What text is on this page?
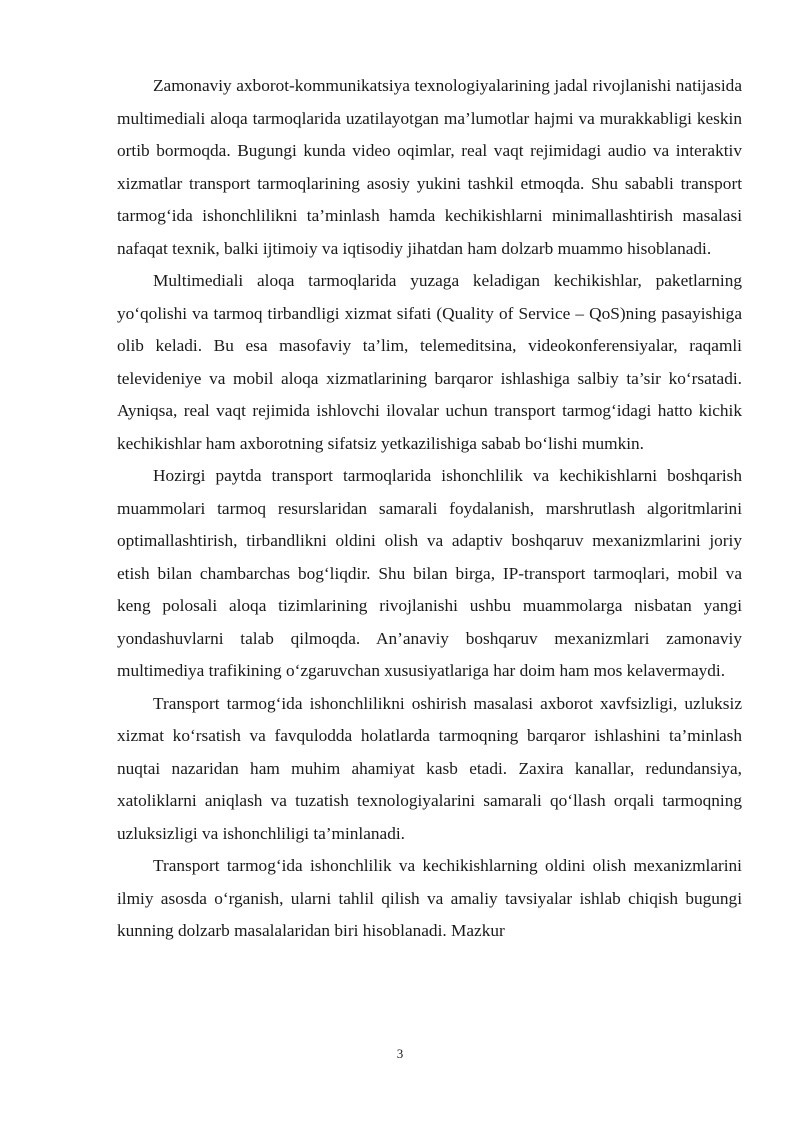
Zamonaviy axborot-kommunikatsiya texnologiyalarining jadal rivojlanishi natijasida multimediali aloqa tarmoqlarida uzatilayotgan ma’lumotlar hajmi va murakkabligi keskin ortib bormoqda. Bugungi kunda video oqimlar, real vaqt rejimidagi audio va interaktiv xizmatlar transport tarmoqlarining asosiy yukini tashkil etmoqda. Shu sababli transport tarmog‘ida ishonchlilikni ta’minlash hamda kechikishlarni minimallashtirish masalasi nafaqat texnik, balki ijtimoiy va iqtisodiy jihatdan ham dolzarb muammo hisoblanadi.

Multimediali aloqa tarmoqlarida yuzaga keladigan kechikishlar, paketlarning yo‘qolishi va tarmoq tirbandligi xizmat sifati (Quality of Service – QoS)ning pasayishiga olib keladi. Bu esa masofaviy ta’lim, telemeditsina, videokonferensiyalar, raqamli televideniye va mobil aloqa xizmatlarining barqaror ishlashiga salbiy ta’sir ko‘rsatadi. Ayniqsa, real vaqt rejimida ishlovchi ilovalar uchun transport tarmog‘idagi hatto kichik kechikishlar ham axborotning sifatsiz yetkazilishiga sabab bo‘lishi mumkin.

Hozirgi paytda transport tarmoqlarida ishonchlilik va kechikishlarni boshqarish muammolari tarmoq resurslaridan samarali foydalanish, marshrutlash algoritmlarini optimallashtirish, tirbandlikni oldini olish va adaptiv boshqaruv mexanizmlarini joriy etish bilan chambarchas bog‘liqdir. Shu bilan birga, IP-transport tarmoqlari, mobil va keng polosali aloqa tizimlarining rivojlanishi ushbu muammolarga nisbatan yangi yondashuvlarni talab qilmoqda. An’anaviy boshqaruv mexanizmlari zamonaviy multimediya trafikining o‘zgaruvchan xususiyatlariga har doim ham mos kelavermaydi.

Transport tarmog‘ida ishonchlilikni oshirish masalasi axborot xavfsizligi, uzluksiz xizmat ko‘rsatish va favqulodda holatlarda tarmoqning barqaror ishlashini ta’minlash nuqtai nazaridan ham muhim ahamiyat kasb etadi. Zaxira kanallar, redundansiya, xatoliklarni aniqlash va tuzatish texnologiyalarini samarali qo‘llash orqali tarmoqning uzluksizligi va ishonchliligi ta’minlanadi.

Transport tarmog‘ida ishonchlilik va kechikishlarning oldini olish mexanizmlarini ilmiy asosda o‘rganish, ularni tahlil qilish va amaliy tavsiyalar ishlab chiqish bugungi kunning dolzarb masalalaridan biri hisoblanadi. Mazkur

3
